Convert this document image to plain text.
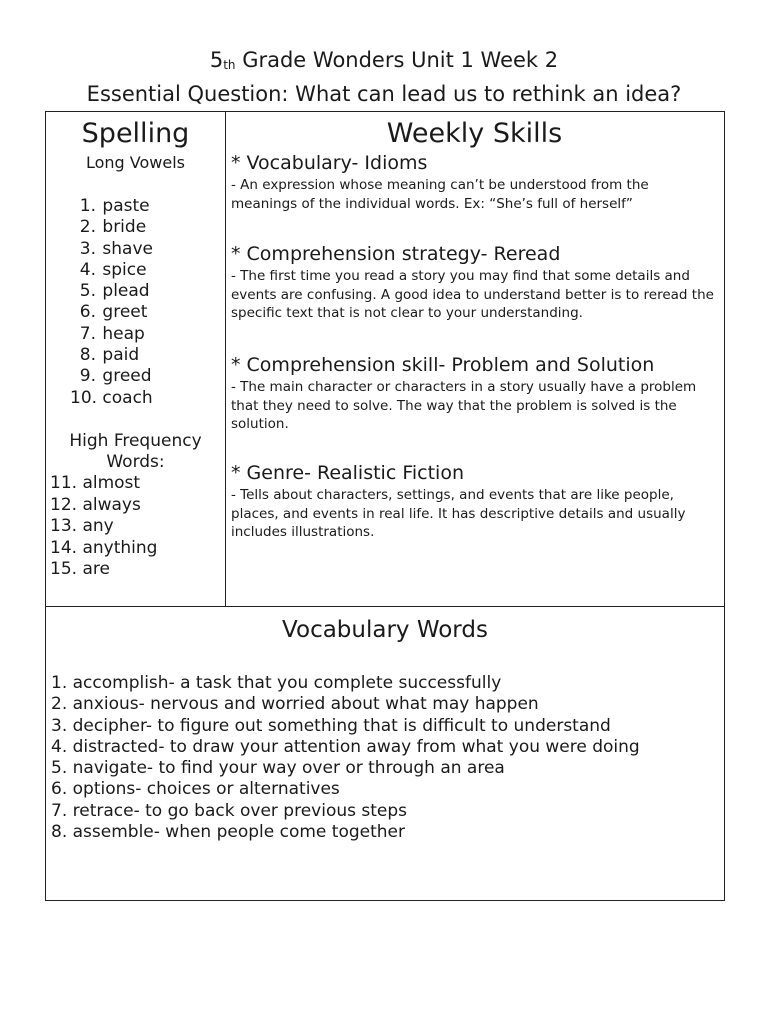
$5_{th}$ Grade Wonders Unit 1 Week 2
Essential Question: What can lead us to rethink an idea?
Spelling
Long Vowels
1. paste
2. bride
3. shave
4. spice
5. plead
6. greet
7. heap
8. paid
9. greed
10. coach
High Frequency Words:
11. almost
12. always
13. any
14. anything
15. are
Weekly Skills
* Vocabulary- Idioms
- An expression whose meaning can’t be understood from the meanings of the individual words. Ex: “She’s full of herself”
* Comprehension strategy- Reread
- The first time you read a story you may find that some details and events are confusing. A good idea to understand better is to reread the specific text that is not clear to your understanding.
* Comprehension skill- Problem and Solution
- The main character or characters in a story usually have a problem that they need to solve. The way that the problem is solved is the solution.
* Genre- Realistic Fiction
- Tells about characters, settings, and events that are like people, places, and events in real life. It has descriptive details and usually includes illustrations.
Vocabulary Words
1. accomplish- a task that you complete successfully
2. anxious- nervous and worried about what may happen
3. decipher- to figure out something that is difficult to understand
4. distracted- to draw your attention away from what you were doing
5. navigate- to find your way over or through an area
6. options- choices or alternatives
7. retrace- to go back over previous steps
8. assemble- when people come together
